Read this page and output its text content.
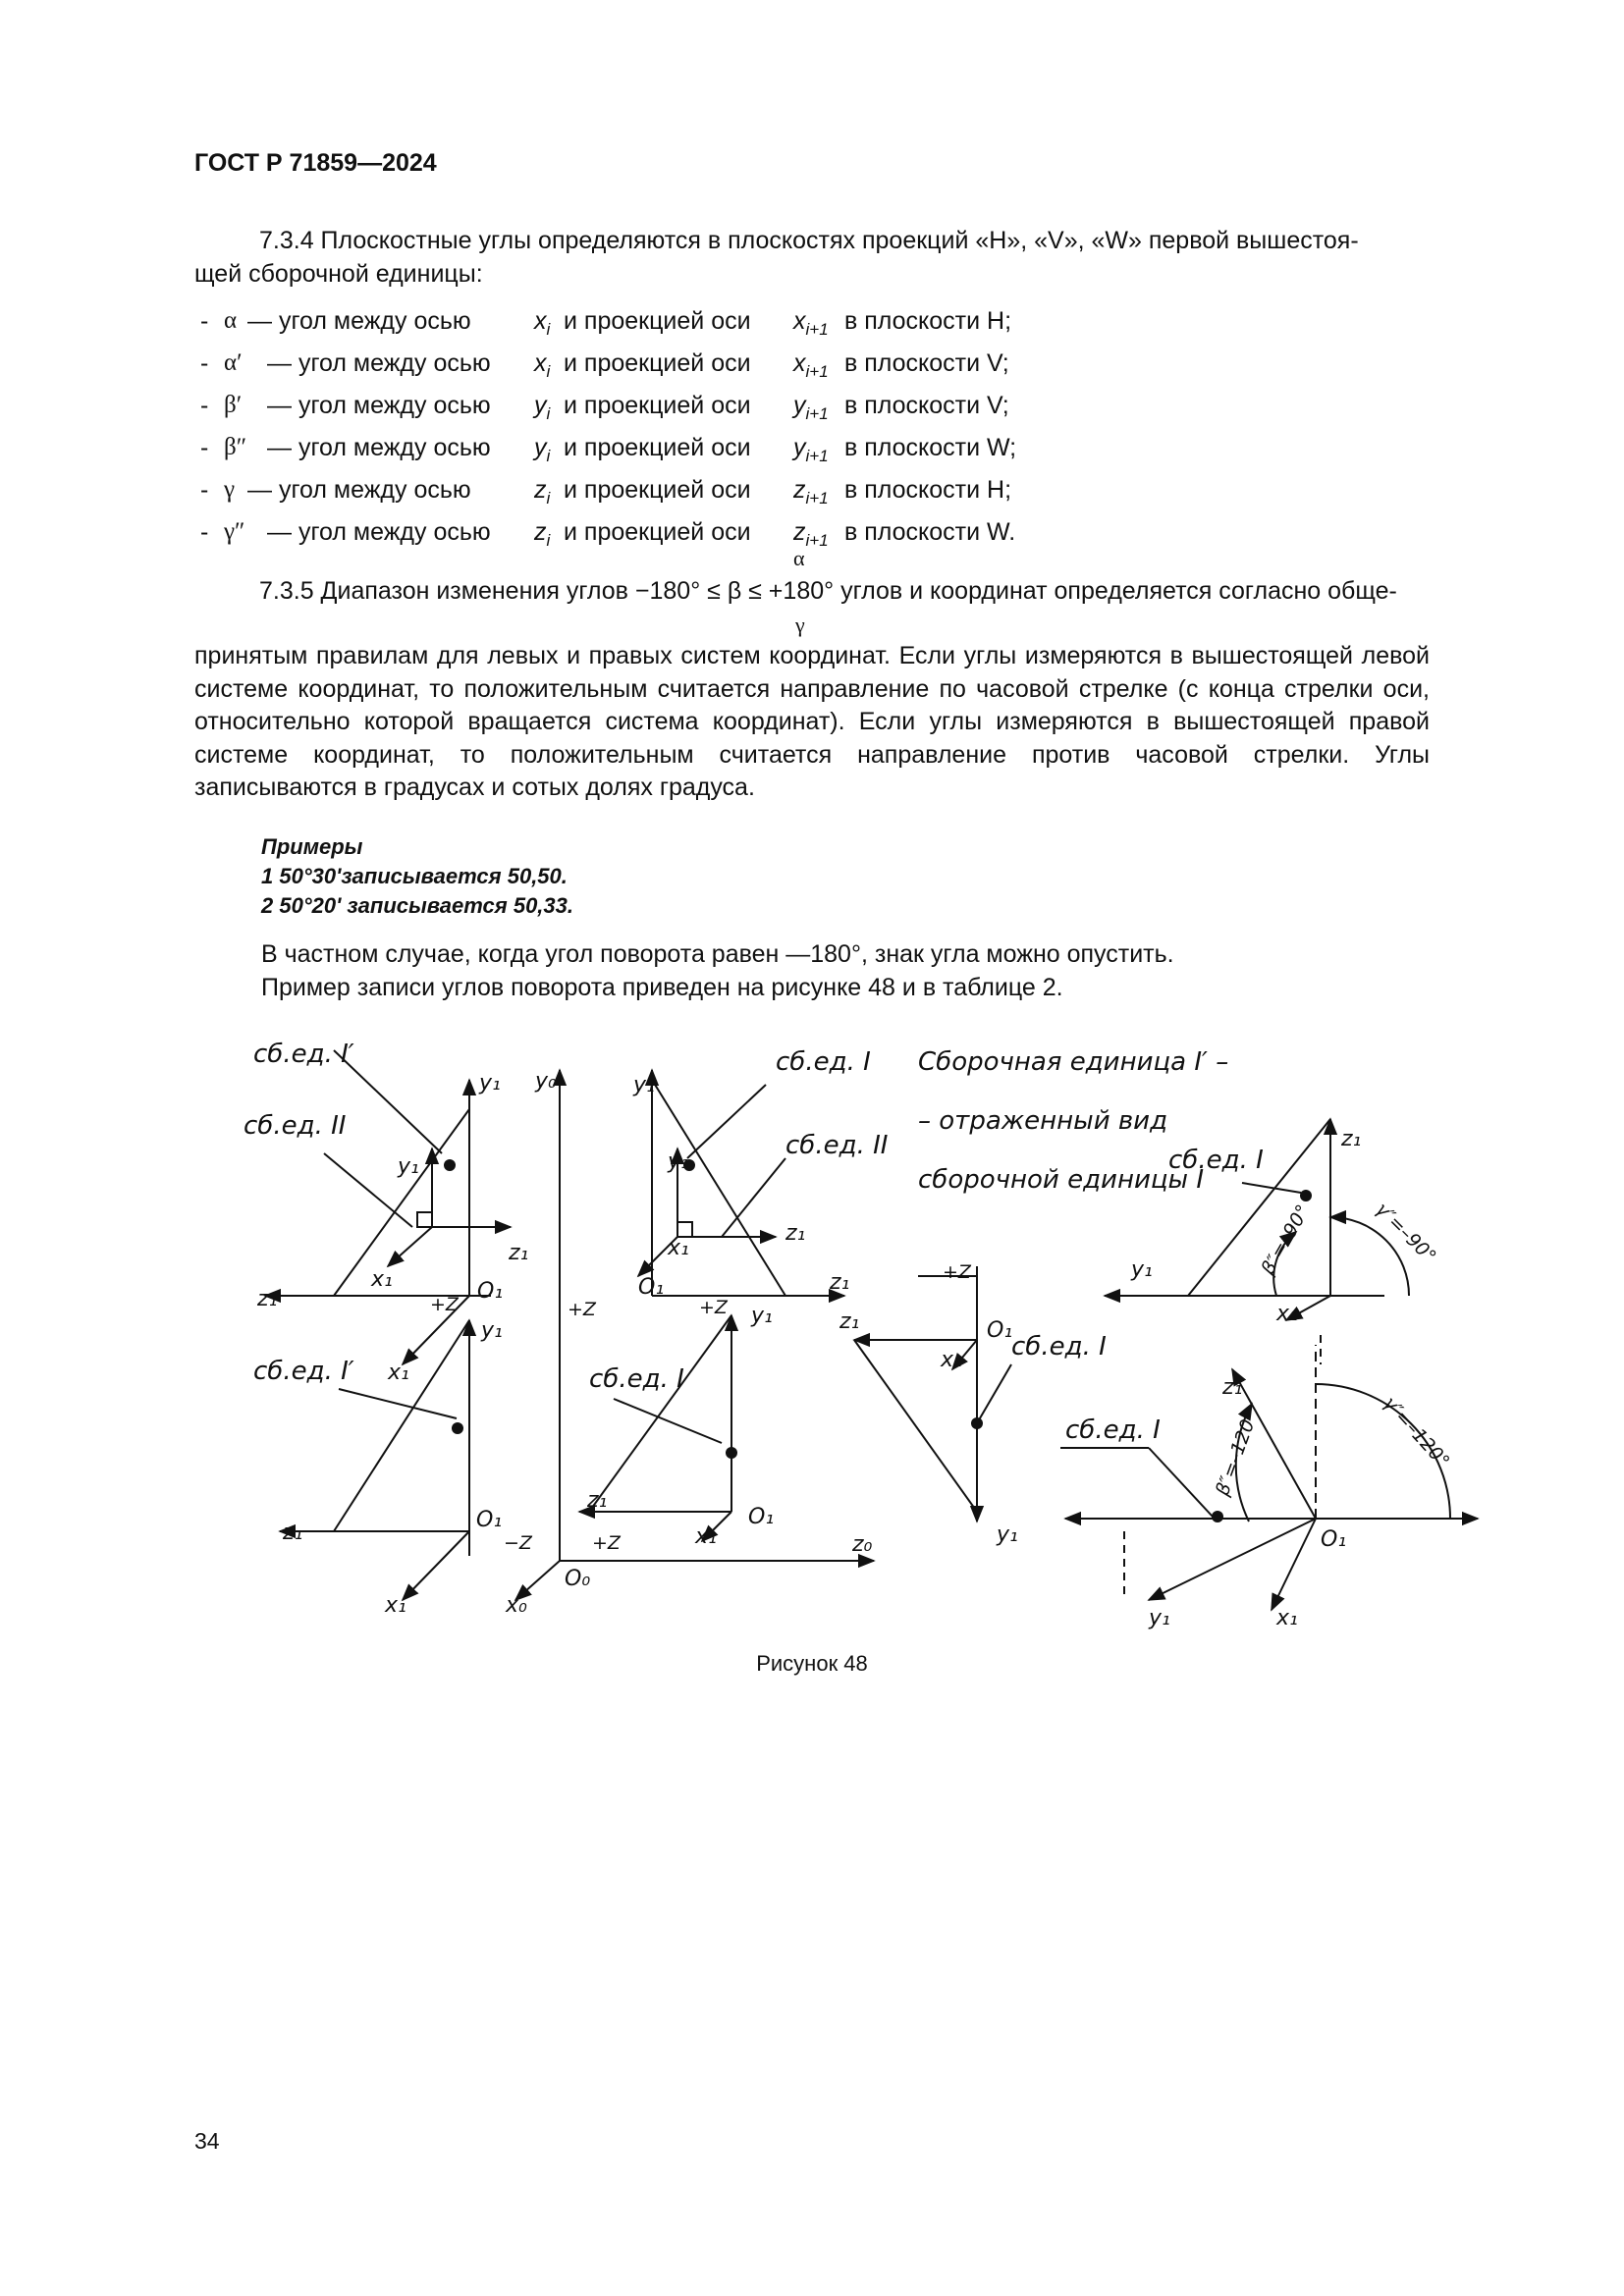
ГОСТ Р 71859—2024
7.3.4 Плоскостные углы определяются в плоскостях проекций «H», «V», «W» первой вышестоя-
щей сборочной единицы:
- α — угол между осью	$x_i$ и проекцией оси $x_{i+1}$ в плоскости H;
- α′ — угол между осью $x_i$ и проекцией оси $x_{i+1}$ в плоскости V;
- β′ — угол между осью $y_i$ и проекцией оси $y_{i+1}$ в плоскости V;
- β″ — угол между осью $y_i$ и проекцией оси $y_{i+1}$ в плоскости W;
- γ — угол между осью	$z_i$ и проекцией оси $z_{i+1}$ в плоскости H;
- γ″ — угол между осью $z_i$ и проекцией оси $z_{i+1}$ в плоскости W.
α
7.3.5 Диапазон изменения углов −180° ≤ β ≤ +180° углов и координат определяется согласно обще-
γ
принятым правилам для левых и правых систем координат. Если углы измеряются в вышестоящей левой системе координат, то положительным считается направление по часовой стрелке (с конца стрелки оси, относительно которой вращается система координат). Если углы измеряются в вышестоящей правой системе координат, то положительным считается направление против часовой стрелки. Углы записываются в градусах и сотых долях градуса.
Примеры
1 50°30ʹзаписывается 50,50.
2 50°20ʹ записывается 50,33.
В частном случае, когда угол поворота равен —180°, знак угла можно опустить.
Пример записи углов поворота приведен на рисунке 48 и в таблице 2.
сб.ед. I′
сб.ед. II
сб.ед. I′	сб.ед. I
сб.ед. I
сб.ед. II
сб.ед. I
сб.ед. I
сб.ед. I
Сборочная единица I′ –
– отраженный вид
сборочной единицы I
y₁
y₁
z₁
x₁
z₁	O₁
+Z
x₁
y₀	y₁
y₁
z₁
x₁
z₁
O₁
+Z	+Z
y₁
z₁
O₁
−Z
x₁	x₀
O₀
y₁
z₁
+Z	x₁
O₁
z₀
+Z
z₁	O₁
x₁
y₁
z₁
y₁
x₁
β″=–90°	γ″=–90°
z₁
O₁
y₁	x₁
β″=–120°	γ″=–120°
Рисунок 48
34
